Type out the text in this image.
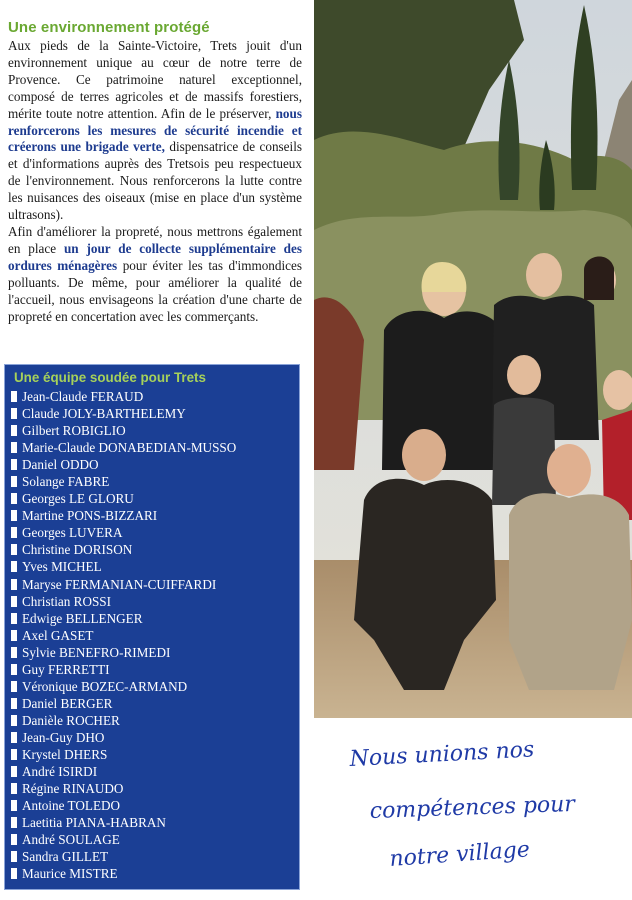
Une environnement protégé

Aux pieds de la Sainte-Victoire, Trets jouit d'un environnement unique au cœur de notre terre de Provence. Ce patrimoine naturel exceptionnel, composé de terres agricoles et de massifs forestiers, mérite toute notre attention. Afin de le préserver, nous renforcerons les mesures de sécurité incendie et créerons une brigade verte, dispensatrice de conseils et d'informations auprès des Tretsois peu respectueux de l'environnement. Nous renforcerons la lutte contre les nuisances des oiseaux (mise en place d'un système ultrasons).

Afin d'améliorer la propreté, nous mettrons également en place un jour de collecte supplémentaire des ordures ménagères pour éviter les tas d'immondices polluants. De même, pour améliorer la qualité de l'accueil, nous envisageons la création d'une charte de propreté en concertation avec les commerçants.

Une équipe soudée pour Trets
Jean-Claude FERAUD
Claude JOLY-BARTHELEMY
Gilbert ROBIGLIO
Marie-Claude DONABEDIAN-MUSSO
Daniel ODDO
Solange FABRE
Georges LE GLORU
Martine PONS-BIZZARI
Georges LUVERA
Christine DORISON
Yves MICHEL
Maryse FERMANIAN-CUIFFARDI
Christian ROSSI
Edwige BELLENGER
Axel GASET
Sylvie BENEFRO-RIMEDI
Guy FERRETTI
Véronique BOZEC-ARMAND
Daniel BERGER
Danièle ROCHER
Jean-Guy DHO
Krystel DHERS
André ISIRDI
Régine RINAUDO
Antoine TOLEDO
Laetitia PIANA-HABRAN
André SOULAGE
Sandra GILLET
Maurice MISTRE
Nous unions nos
compétences pour
notre village
